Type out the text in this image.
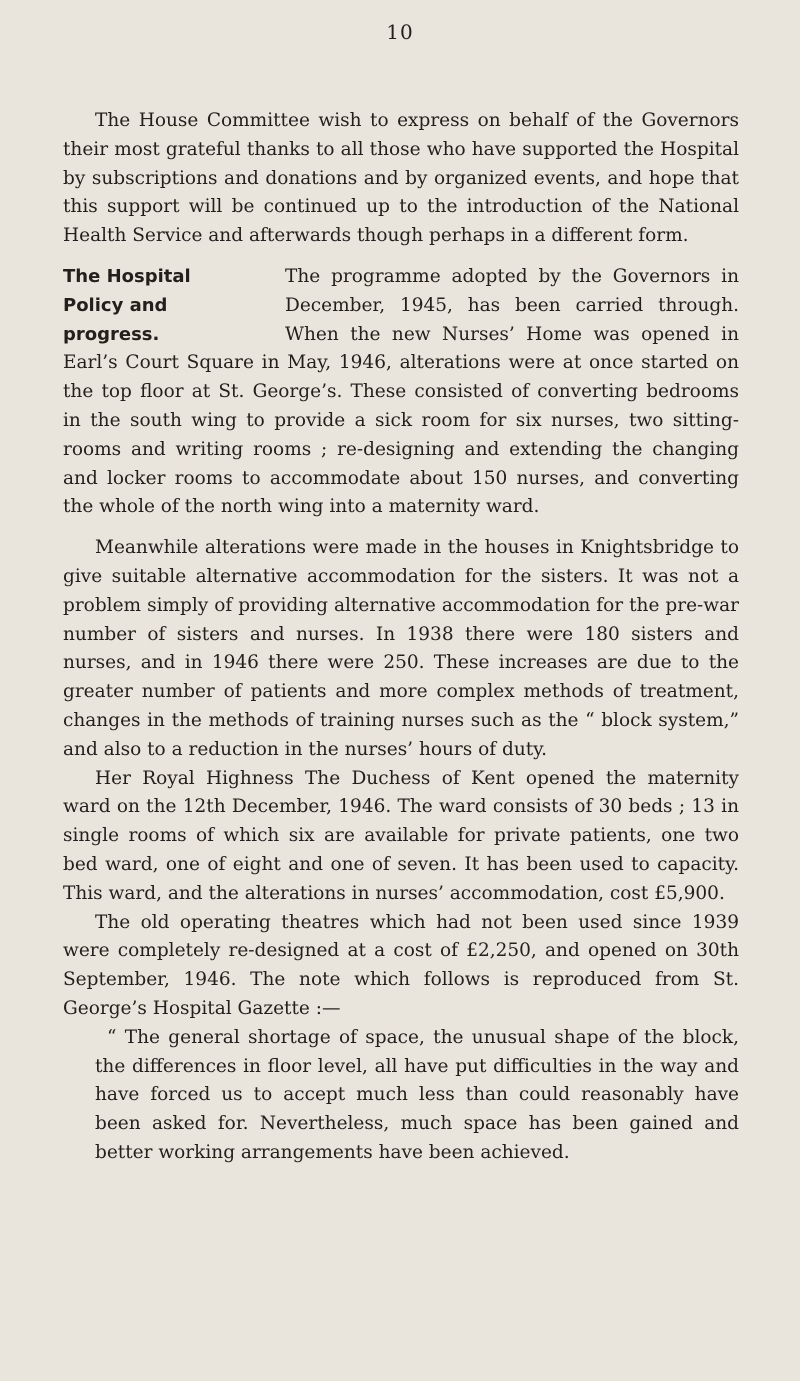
10

The House Committee wish to express on behalf of the Governors their most grateful thanks to all those who have supported the Hospital by subscriptions and donations and by organized events, and hope that this support will be continued up to the introduction of the National Health Service and afterwards though perhaps in a different form.

The Hospital
Policy and
progress.

The programme adopted by the Governors in December, 1945, has been carried through. When the new Nurses’ Home was opened in Earl’s Court Square in May, 1946, alterations were at once started on the top floor at St. George’s. These consisted of converting bedrooms in the south wing to provide a sick room for six nurses, two sitting-rooms and writing rooms ; re-designing and extending the changing and locker rooms to accommodate about 150 nurses, and converting the whole of the north wing into a maternity ward.

Meanwhile alterations were made in the houses in Knightsbridge to give suitable alternative accommodation for the sisters. It was not a problem simply of providing alternative accommodation for the pre-war number of sisters and nurses. In 1938 there were 180 sisters and nurses, and in 1946 there were 250. These increases are due to the greater number of patients and more complex methods of treatment, changes in the methods of training nurses such as the “ block system,” and also to a reduction in the nurses’ hours of duty.

Her Royal Highness The Duchess of Kent opened the maternity ward on the 12th December, 1946. The ward consists of 30 beds ; 13 in single rooms of which six are available for private patients, one two bed ward, one of eight and one of seven. It has been used to capacity. This ward, and the alterations in nurses’ accommodation, cost £5,900.

The old operating theatres which had not been used since 1939 were completely re-designed at a cost of £2,250, and opened on 30th September, 1946. The note which follows is reproduced from St. George’s Hospital Gazette :—

“ The general shortage of space, the unusual shape of the block, the differences in floor level, all have put difficulties in the way and have forced us to accept much less than could reasonably have been asked for. Nevertheless, much space has been gained and better working arrangements have been achieved.
